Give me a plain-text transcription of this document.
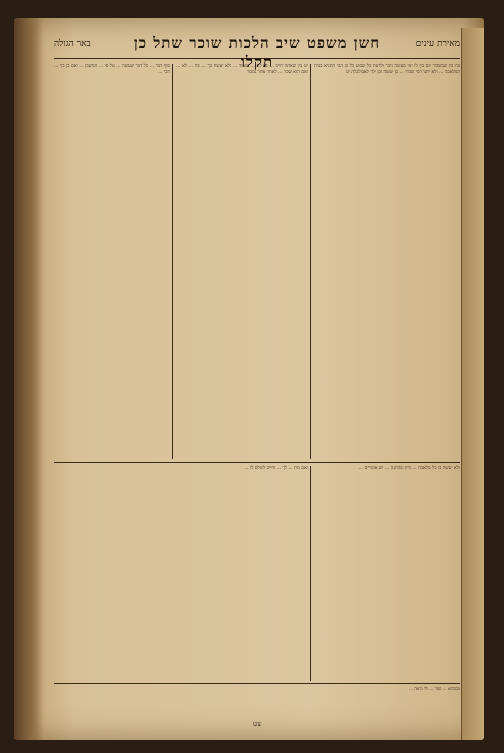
באר הגולה	חשן משפט שיב הלכות שוכר שתל כן תקלו
מאירת עינים
כח בין שבשכיר יום בין לו ימי מעשה ניכר ולדעת כל שבוע כל כו הכי תתניא בבית המלאכה ... ולא יתנו דמי שכרו ... כן יעשה וכן ילך לאבולבלת יט
יט בין שאתה חייב ... כך לח ... יעמוד ... ולא יעשה כך ... כח ... לא ... ואם הוא שכר ... לאחר אחר נמסר
סוף דבר ... כל דבר שעשה ... על פי ... המשכן ... ואם כן כך ... הכי ...
ולא יעשה בו כל מלאכה ... כיון שהתנה ... יש אומרים ...
ואם מת ... לך ... וחייב לשלם לו ...
מסכתא ... ספר ... ולי נראה ...
צט
